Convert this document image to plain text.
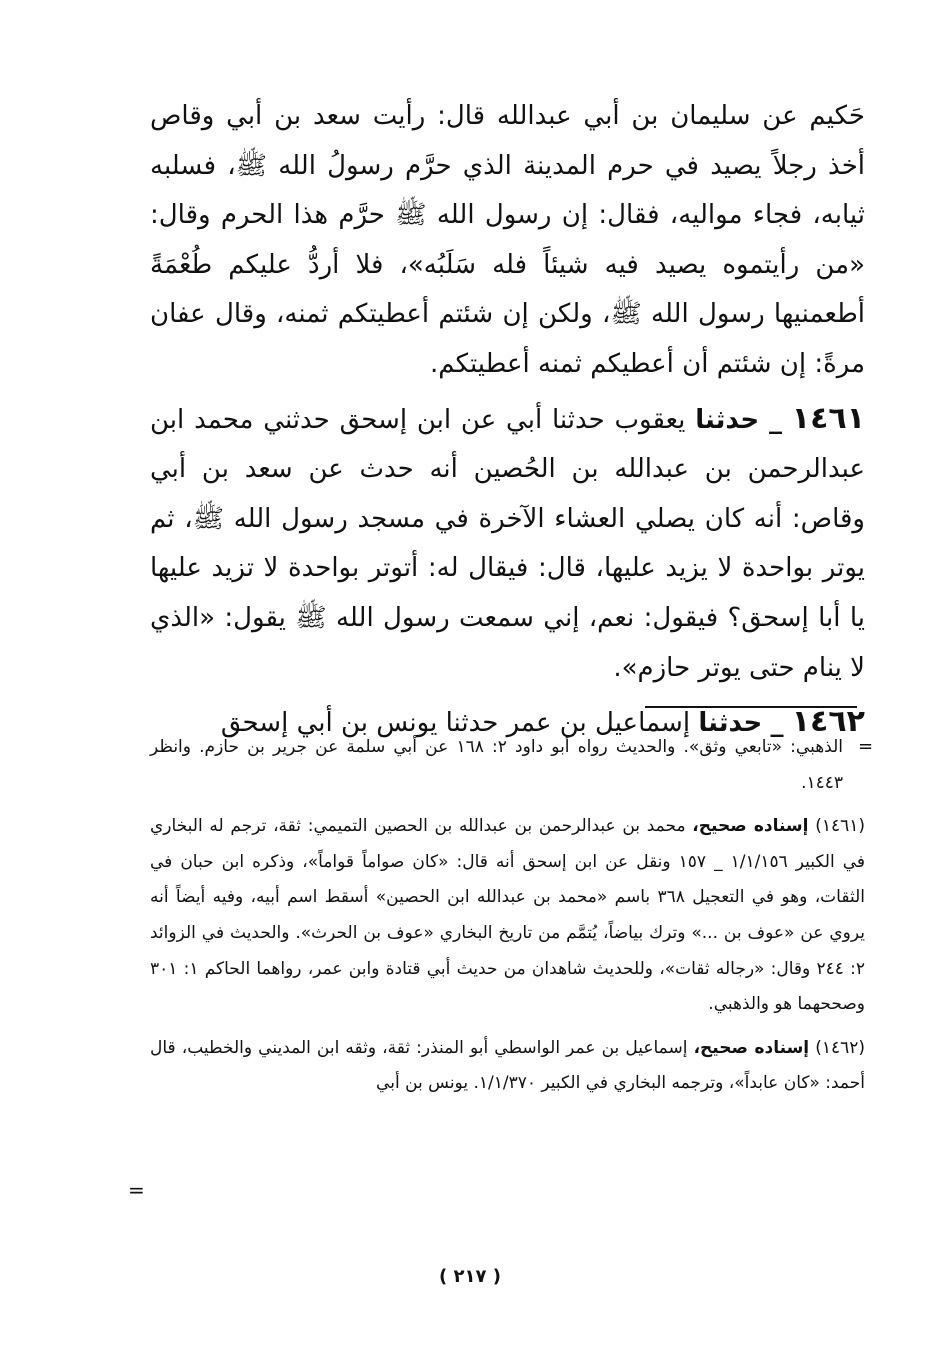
حَكيم عن سليمان بن أبي عبدالله قال: رأيت سعد بن أبي وقاص أخذ رجلاً يصيد في حرم المدينة الذي حرَّم رسولُ الله ﷺ، فسلبه ثيابه، فجاء مواليه، فقال: إن رسول الله ﷺ حرَّم هذا الحرم وقال: «من رأيتموه يصيد فيه شيئاً فله سَلَبُه»، فلا أردُّ عليكم طُعْمَةً أطعمنيها رسول الله ﷺ، ولكن إن شئتم أعطيتكم ثمنه، وقال عفان مرةً: إن شئتم أن أعطيكم ثمنه أعطيتكم.

١٤٦١ _ حدثنا يعقوب حدثنا أبي عن ابن إسحق حدثني محمد ابن عبدالرحمن بن عبدالله بن الحُصين أنه حدث عن سعد بن أبي وقاص: أنه كان يصلي العشاء الآخرة في مسجد رسول الله ﷺ، ثم يوتر بواحدة لا يزيد عليها، قال: فيقال له: أتوتر بواحدة لا تزيد عليها يا أبا إسحق؟ فيقول: نعم، إني سمعت رسول الله ﷺ يقول: «الذي لا ينام حتى يوتر حازم».

١٤٦٢ _ حدثنا إسماعيل بن عمر حدثنا يونس بن أبي إسحق

=

الذهبي: «تابعي وثق». والحديث رواه أبو داود ٢: ١٦٨ عن أبي سلمة عن جرير بن حازم. وانظر ١٤٤٣.

(١٤٦١) إسناده صحيح، محمد بن عبدالرحمن بن عبدالله بن الحصين التميمي: ثقة، ترجم له البخاري في الكبير ١/١/١٥٦ _ ١٥٧ ونقل عن ابن إسحق أنه قال: «كان صواماً قواماً»، وذكره ابن حبان في الثقات، وهو في التعجيل ٣٦٨ باسم «محمد بن عبدالله ابن الحصين» أسقط اسم أبيه، وفيه أيضاً أنه يروي عن «عوف بن ...» وترك بياضاً، يُتمَّم من تاريخ البخاري «عوف بن الحرث». والحديث في الزوائد ٢: ٢٤٤ وقال: «رجاله ثقات»، وللحديث شاهدان من حديث أبي قتادة وابن عمر، رواهما الحاكم ١: ٣٠١ وصححهما هو والذهبي.

(١٤٦٢) إسناده صحيح، إسماعيل بن عمر الواسطي أبو المنذر: ثقة، وثقه ابن المديني والخطيب، قال أحمد: «كان عابداً»، وترجمه البخاري في الكبير ١/١/٣٧٠. يونس بن أبي

=
( ٢١٧ )
